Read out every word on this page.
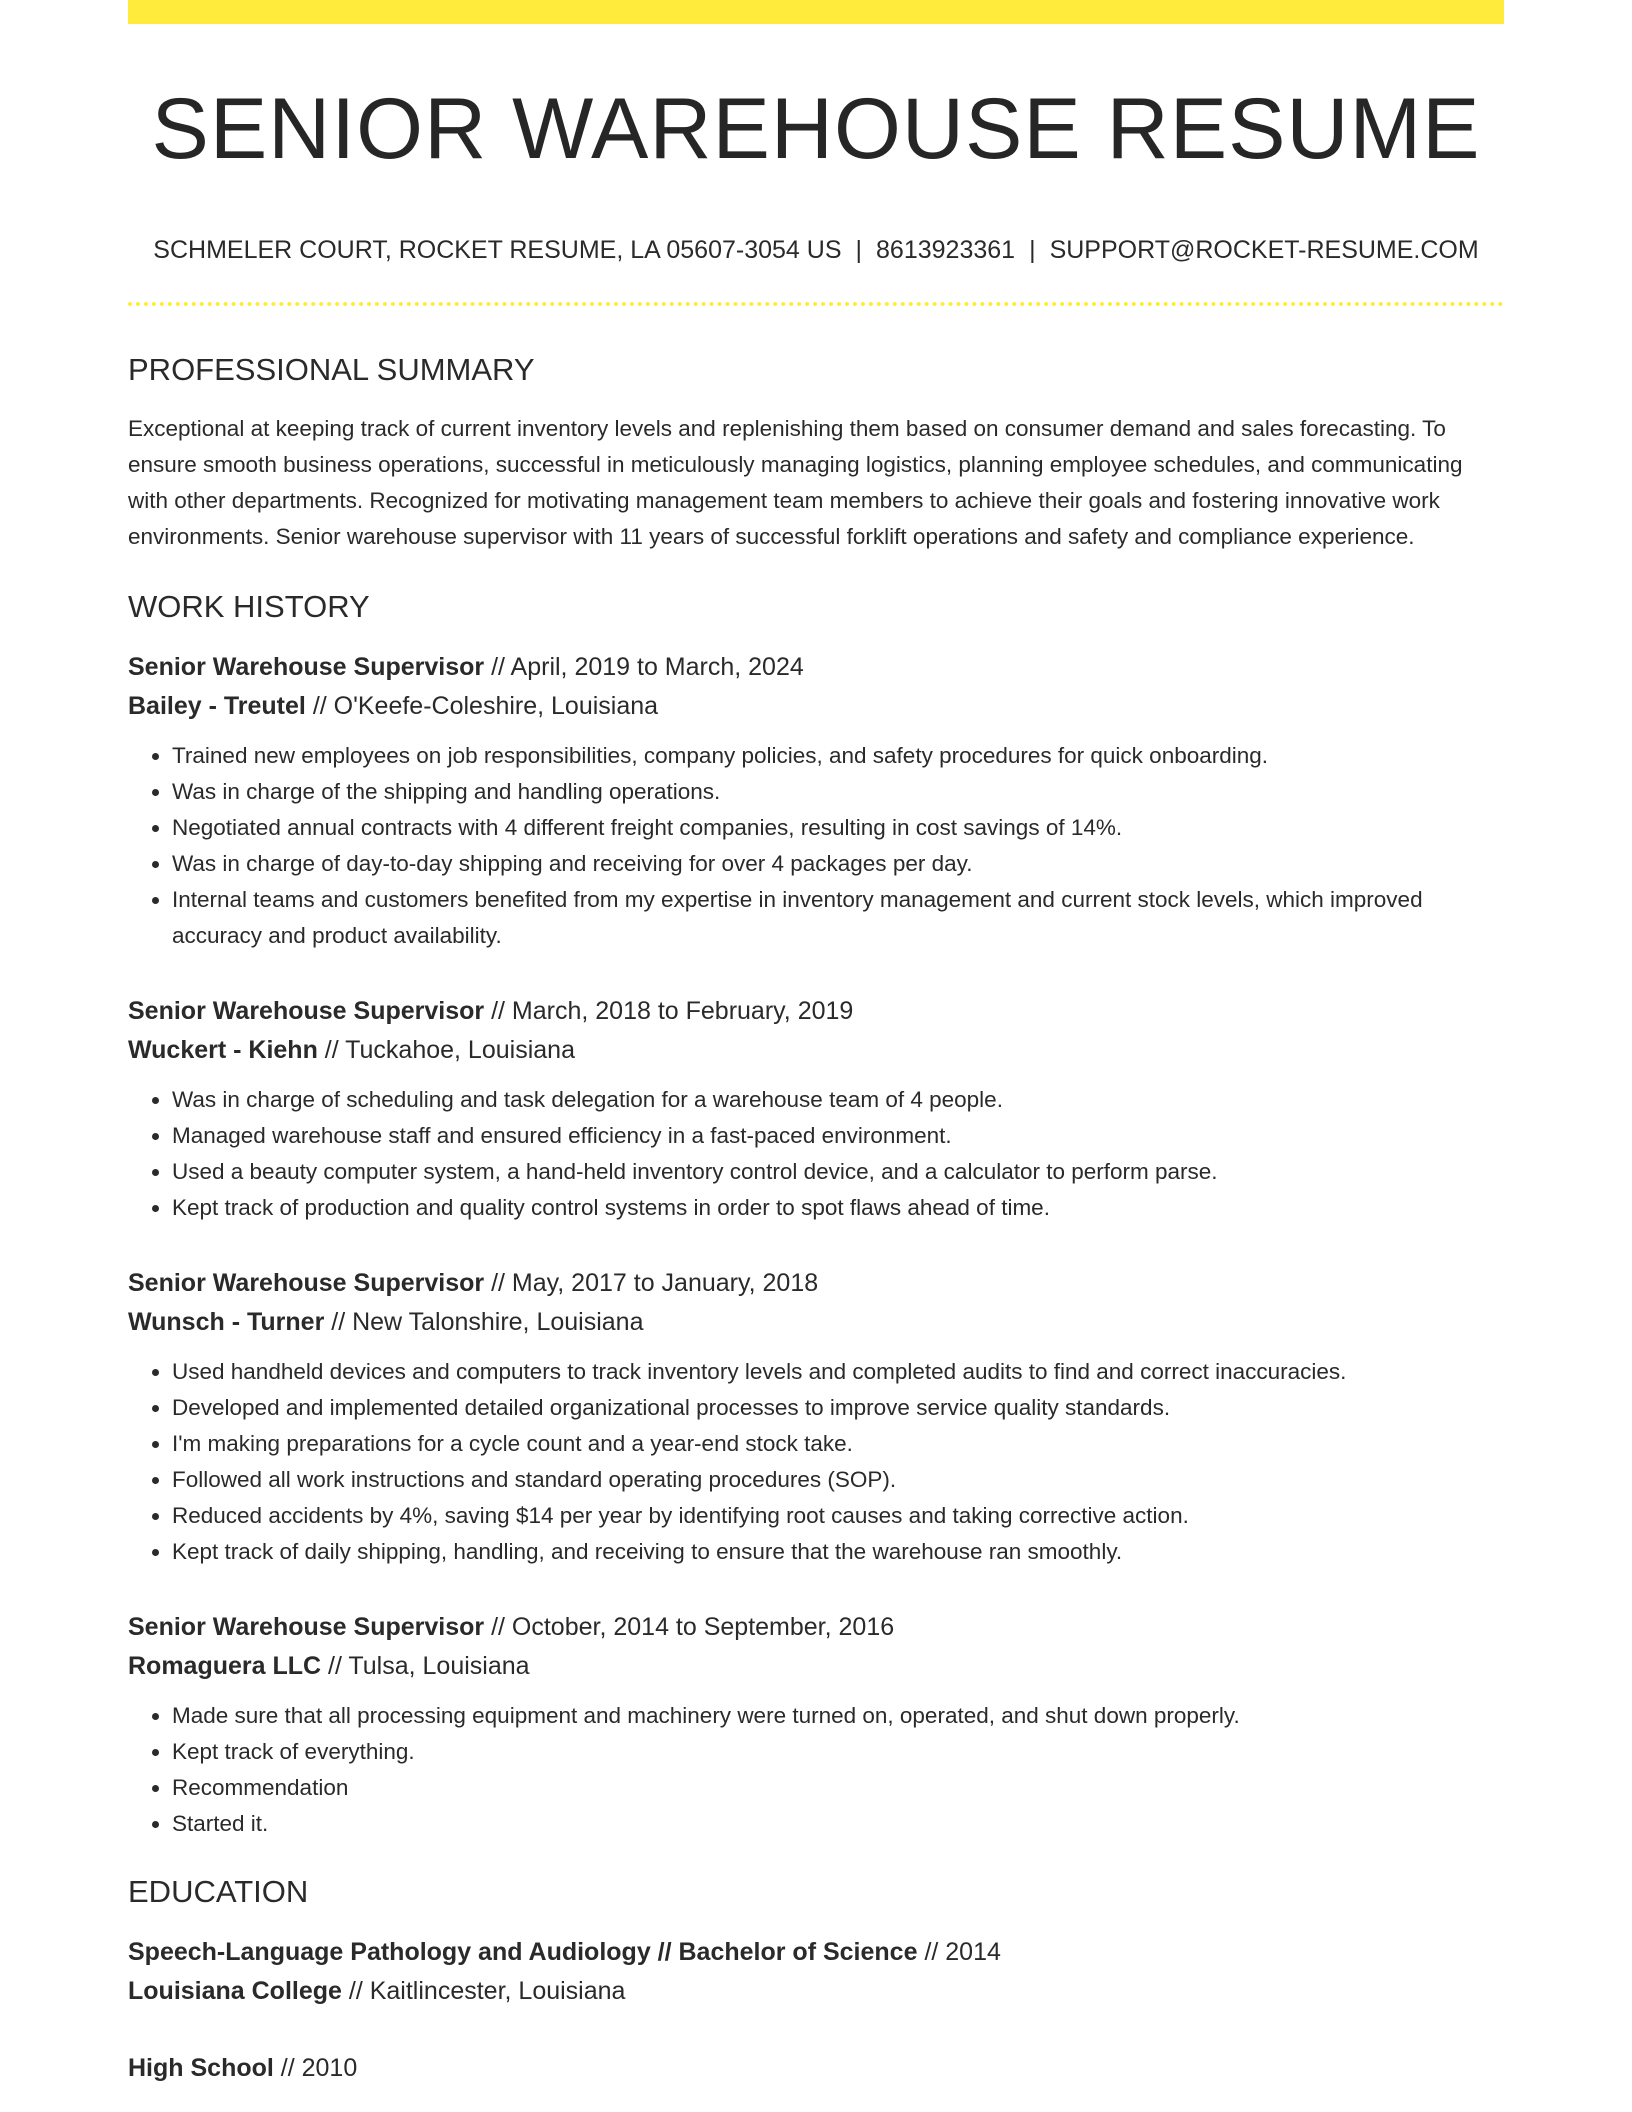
SENIOR WAREHOUSE RESUME
SCHMELER COURT, ROCKET RESUME, LA 05607-3054 US | 8613923361 | SUPPORT@ROCKET-RESUME.COM
PROFESSIONAL SUMMARY

Exceptional at keeping track of current inventory levels and replenishing them based on consumer demand and sales forecasting. To ensure smooth business operations, successful in meticulously managing logistics, planning employee schedules, and communicating with other departments. Recognized for motivating management team members to achieve their goals and fostering innovative work environments. Senior warehouse supervisor with 11 years of successful forklift operations and safety and compliance experience.

WORK HISTORY
Senior Warehouse Supervisor // April, 2019 to March, 2024
Bailey - Treutel // O'Keefe-Coleshire, Louisiana
• Trained new employees on job responsibilities, company policies, and safety procedures for quick onboarding.
• Was in charge of the shipping and handling operations.
• Negotiated annual contracts with 4 different freight companies, resulting in cost savings of 14%.
• Was in charge of day-to-day shipping and receiving for over 4 packages per day.
• Internal teams and customers benefited from my expertise in inventory management and current stock levels, which improved accuracy and product availability.
Senior Warehouse Supervisor // March, 2018 to February, 2019
Wuckert - Kiehn // Tuckahoe, Louisiana
• Was in charge of scheduling and task delegation for a warehouse team of 4 people.
• Managed warehouse staff and ensured efficiency in a fast-paced environment.
• Used a beauty computer system, a hand-held inventory control device, and a calculator to perform parse.
• Kept track of production and quality control systems in order to spot flaws ahead of time.
Senior Warehouse Supervisor // May, 2017 to January, 2018
Wunsch - Turner // New Talonshire, Louisiana
• Used handheld devices and computers to track inventory levels and completed audits to find and correct inaccuracies.
• Developed and implemented detailed organizational processes to improve service quality standards.
• I'm making preparations for a cycle count and a year-end stock take.
• Followed all work instructions and standard operating procedures (SOP).
• Reduced accidents by 4%, saving $14 per year by identifying root causes and taking corrective action.
• Kept track of daily shipping, handling, and receiving to ensure that the warehouse ran smoothly.
Senior Warehouse Supervisor // October, 2014 to September, 2016
Romaguera LLC // Tulsa, Louisiana
• Made sure that all processing equipment and machinery were turned on, operated, and shut down properly.
• Kept track of everything.
• Recommendation
• Started it.
EDUCATION
Speech-Language Pathology and Audiology // Bachelor of Science // 2014
Louisiana College // Kaitlincester, Louisiana
High School // 2010
